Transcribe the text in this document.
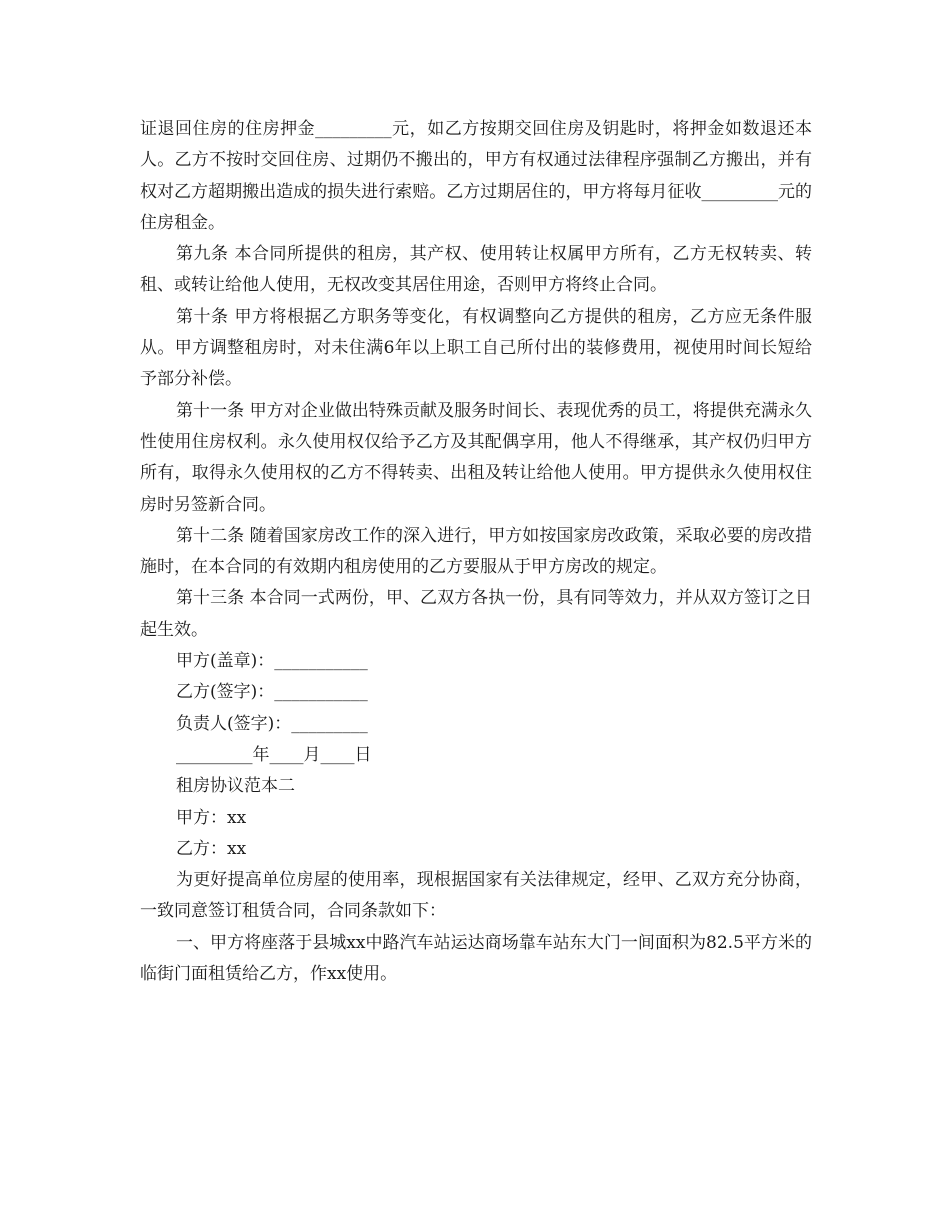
证退回住房的住房押金_________元，如乙方按期交回住房及钥匙时，将押金如数退还本人。乙方不按时交回住房、过期仍不搬出的，甲方有权通过法律程序强制乙方搬出，并有权对乙方超期搬出造成的损失进行索赔。乙方过期居住的，甲方将每月征收_________元的住房租金。

第九条 本合同所提供的租房，其产权、使用转让权属甲方所有，乙方无权转卖、转租、或转让给他人使用，无权改变其居住用途，否则甲方将终止合同。

第十条 甲方将根据乙方职务等变化，有权调整向乙方提供的租房，乙方应无条件服从。甲方调整租房时，对未住满6年以上职工自己所付出的装修费用，视使用时间长短给予部分补偿。

第十一条 甲方对企业做出特殊贡献及服务时间长、表现优秀的员工，将提供充满永久性使用住房权利。永久使用权仅给予乙方及其配偶享用，他人不得继承，其产权仍归甲方所有，取得永久使用权的乙方不得转卖、出租及转让给他人使用。甲方提供永久使用权住房时另签新合同。

第十二条 随着国家房改工作的深入进行，甲方如按国家房改政策，采取必要的房改措施时，在本合同的有效期内租房使用的乙方要服从于甲方房改的规定。

第十三条 本合同一式两份，甲、乙双方各执一份，具有同等效力，并从双方签订之日起生效。

甲方(盖章)：___________

乙方(签字)：___________

负责人(签字)：_________

_________年____月____日

租房协议范本二

甲方：xx

乙方：xx

为更好提高单位房屋的使用率，现根据国家有关法律规定，经甲、乙双方充分协商，一致同意签订租赁合同，合同条款如下：

一、甲方将座落于县城xx中路汽车站运达商场靠车站东大门一间面积为82.5平方米的临街门面租赁给乙方，作xx使用。
